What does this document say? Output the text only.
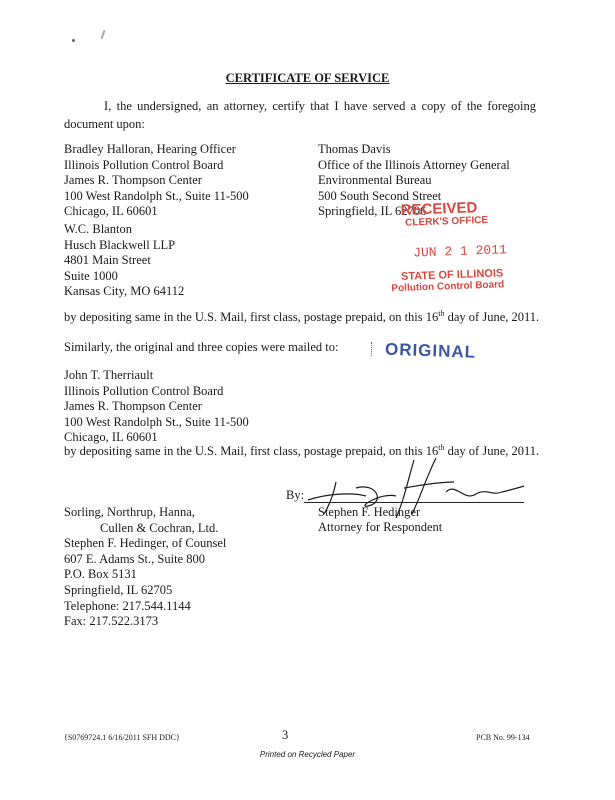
CERTIFICATE OF SERVICE
I, the undersigned, an attorney, certify that I have served a copy of the foregoing document upon:
Bradley Halloran, Hearing Officer
Illinois Pollution Control Board
James R. Thompson Center
100 West Randolph St., Suite 11-500
Chicago, IL 60601
W.C. Blanton
Husch Blackwell LLP
4801 Main Street
Suite 1000
Kansas City, MO 64112
Thomas Davis
Office of the Illinois Attorney General
Environmental Bureau
500 South Second Street
Springfield, IL 62706
RECEIVED
CLERK'S OFFICE
JUN 2 1 2011
STATE OF ILLINOIS
Pollution Control Board
by depositing same in the U.S. Mail, first class, postage prepaid, on this 16th day of June, 2011.
Similarly, the original and three copies were mailed to:	ORIGINAL
John T. Therriault
Illinois Pollution Control Board
James R. Thompson Center
100 West Randolph St., Suite 11-500
Chicago, IL 60601
by depositing same in the U.S. Mail, first class, postage prepaid, on this 16th day of June, 2011.
By:
Stephen F. Hedinger
Attorney for Respondent
Sorling, Northrup, Hanna,
Cullen & Cochran, Ltd.
Stephen F. Hedinger, of Counsel
607 E. Adams St., Suite 800
P.O. Box 5131
Springfield, IL 62705
Telephone: 217.544.1144
Fax: 217.522.3173
{S0769724.1 6/16/2011 SFH DDC}	3	PCB No. 99-134
Printed on Recycled Paper
